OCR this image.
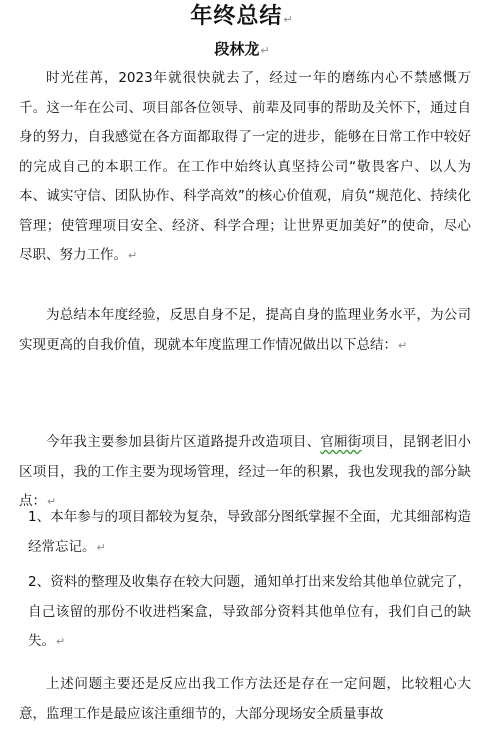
年终总结↵
段林龙↵

时光荏苒，2023年就很快就去了，经过一年的磨练内心不禁感慨万千。这一年在公司、项目部各位领导、前辈及同事的帮助及关怀下，通过自身的努力，自我感觉在各方面都取得了一定的进步，能够在日常工作中较好的完成自己的本职工作。在工作中始终认真坚持公司“敬畏客户、以人为本、诚实守信、团队协作、科学高效”的核心价值观，肩负“规范化、持续化管理；使管理项目安全、经济、科学合理；让世界更加美好”的使命，尽心尽职、努力工作。↵

为总结本年度经验，反思自身不足，提高自身的监理业务水平，为公司实现更高的自我价值，现就本年度监理工作情况做出以下总结：↵

今年我主要参加县街片区道路提升改造项目、官厢街项目，昆钢老旧小区项目，我的工作主要为现场管理，经过一年的积累，我也发现我的部分缺点：↵

1、本年参与的项目都较为复杂，导致部分图纸掌握不全面，尤其细部构造经常忘记。↵

2、资料的整理及收集存在较大问题，通知单打出来发给其他单位就完了，自己该留的那份不收进档案盒，导致部分资料其他单位有，我们自己的缺失。↵

上述问题主要还是反应出我工作方法还是存在一定问题，比较粗心大意，监理工作是最应该注重细节的，大部分现场安全质量事故
